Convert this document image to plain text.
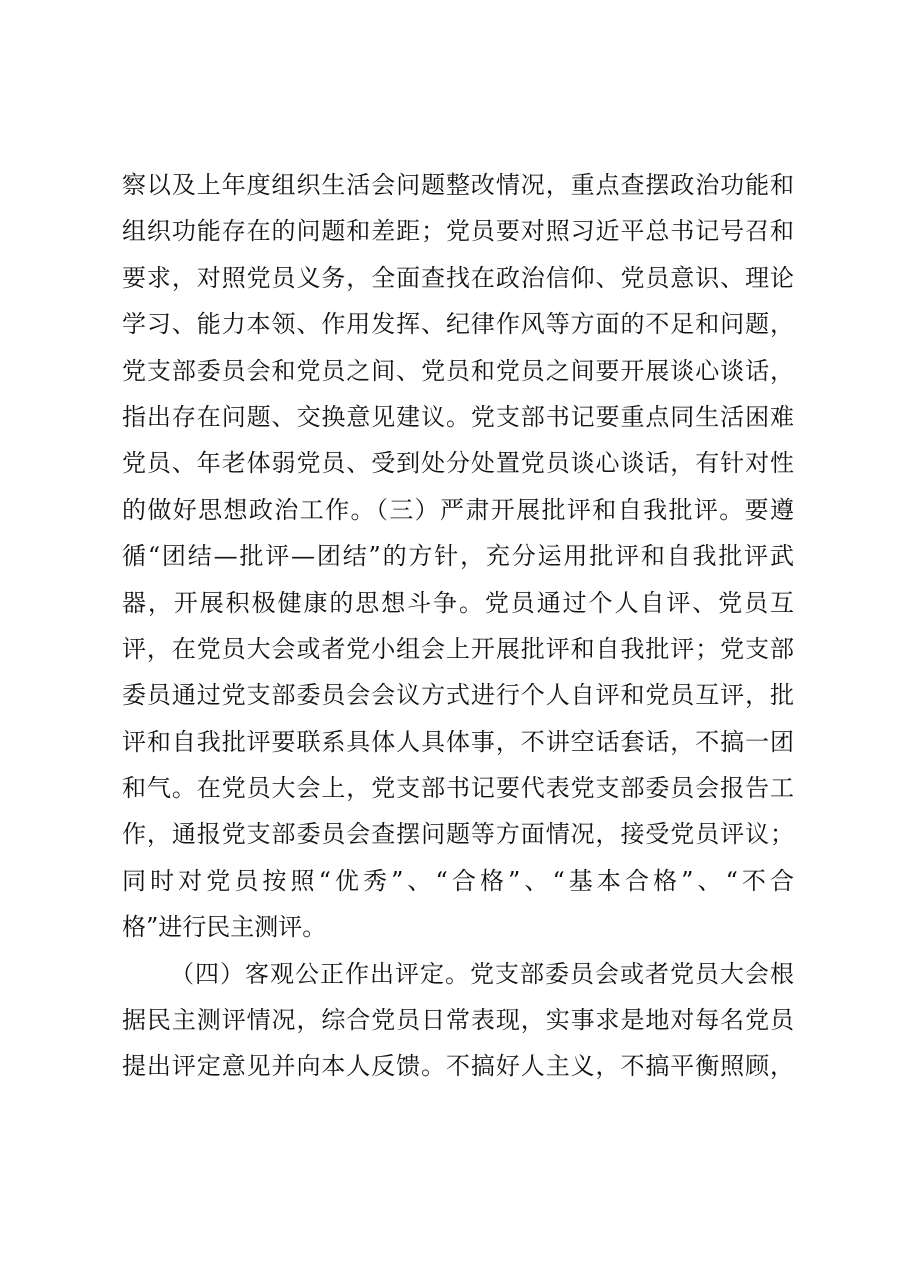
察以及上年度组织生活会问题整改情况，重点查摆政治功能和
组织功能存在的问题和差距；党员要对照习近平总书记号召和
要求，对照党员义务，全面查找在政治信仰、党员意识、理论
学习、能力本领、作用发挥、纪律作风等方面的不足和问题，
党支部委员会和党员之间、党员和党员之间要开展谈心谈话，
指出存在问题、交换意见建议。党支部书记要重点同生活困难
党员、年老体弱党员、受到处分处置党员谈心谈话，有针对性
的做好思想政治工作。（三）严肃开展批评和自我批评。要遵
循“团结—批评—团结”的方针，充分运用批评和自我批评武
器，开展积极健康的思想斗争。党员通过个人自评、党员互
评，在党员大会或者党小组会上开展批评和自我批评；党支部
委员通过党支部委员会会议方式进行个人自评和党员互评，批
评和自我批评要联系具体人具体事，不讲空话套话，不搞一团
和气。在党员大会上，党支部书记要代表党支部委员会报告工
作，通报党支部委员会查摆问题等方面情况，接受党员评议；
同时对党员按照“优秀”、“合格”、“基本合格”、“不合
格”进行民主测评。
（四）客观公正作出评定。党支部委员会或者党员大会根
据民主测评情况，综合党员日常表现，实事求是地对每名党员
提出评定意见并向本人反馈。不搞好人主义，不搞平衡照顾，
